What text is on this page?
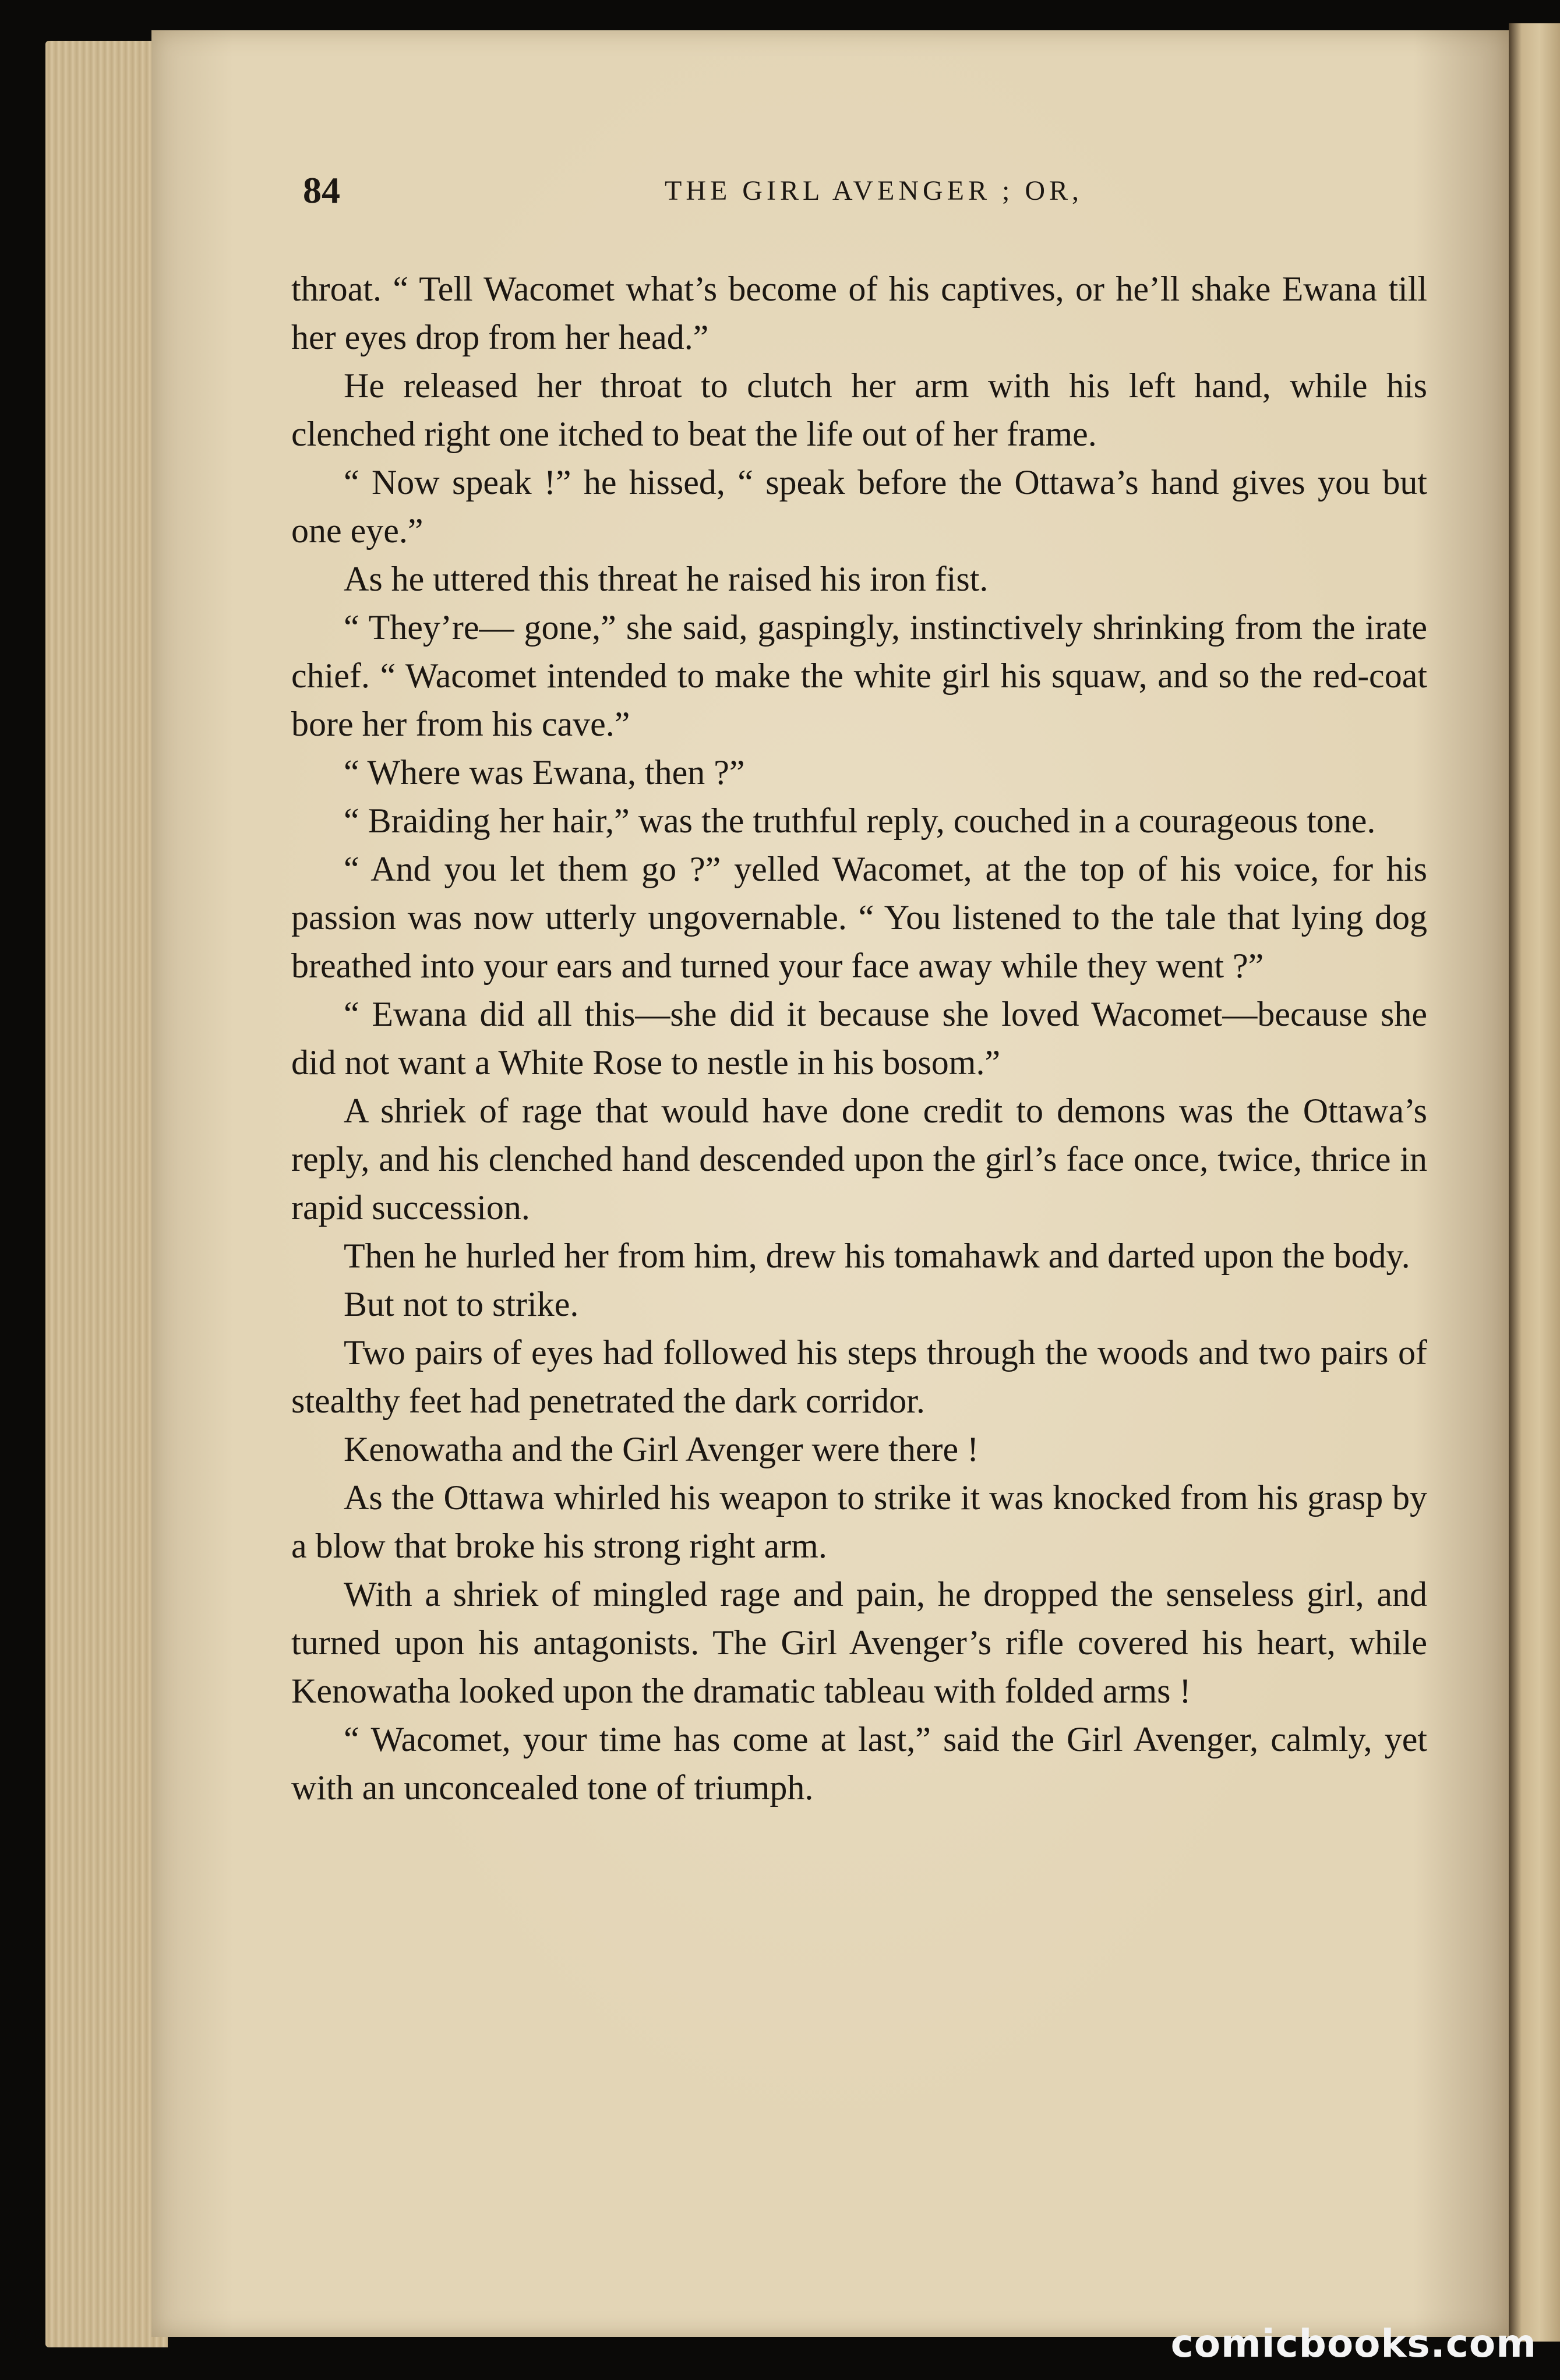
84	THE GIRL AVENGER ; OR,

throat. “ Tell Wacomet what’s become of his captives, or he’ll shake Ewana till her eyes drop from her head.”

He released her throat to clutch her arm with his left hand, while his clenched right one itched to beat the life out of her frame.

“ Now speak !” he hissed, “ speak before the Ottawa’s hand gives you but one eye.”

As he uttered this threat he raised his iron fist.

“ They’re— gone,” she said, gaspingly, instinctively shrinking from the irate chief. “ Wacomet intended to make the white girl his squaw, and so the red-coat bore her from his cave.”

“ Where was Ewana, then ?”

“ Braiding her hair,” was the truthful reply, couched in a courageous tone.

“ And you let them go ?” yelled Wacomet, at the top of his voice, for his passion was now utterly ungovernable. “ You listened to the tale that lying dog breathed into your ears and turned your face away while they went ?”

“ Ewana did all this—she did it because she loved Wacomet—because she did not want a White Rose to nestle in his bosom.”

A shriek of rage that would have done credit to demons was the Ottawa’s reply, and his clenched hand descended upon the girl’s face once, twice, thrice in rapid succession.

Then he hurled her from him, drew his tomahawk and darted upon the body.

But not to strike.

Two pairs of eyes had followed his steps through the woods and two pairs of stealthy feet had penetrated the dark corridor.

Kenowatha and the Girl Avenger were there !

As the Ottawa whirled his weapon to strike it was knocked from his grasp by a blow that broke his strong right arm.

With a shriek of mingled rage and pain, he dropped the senseless girl, and turned upon his antagonists. The Girl Avenger’s rifle covered his heart, while Kenowatha looked upon the dramatic tableau with folded arms !

“ Wacomet, your time has come at last,” said the Girl Avenger, calmly, yet with an unconcealed tone of triumph.

comicbooks.com
